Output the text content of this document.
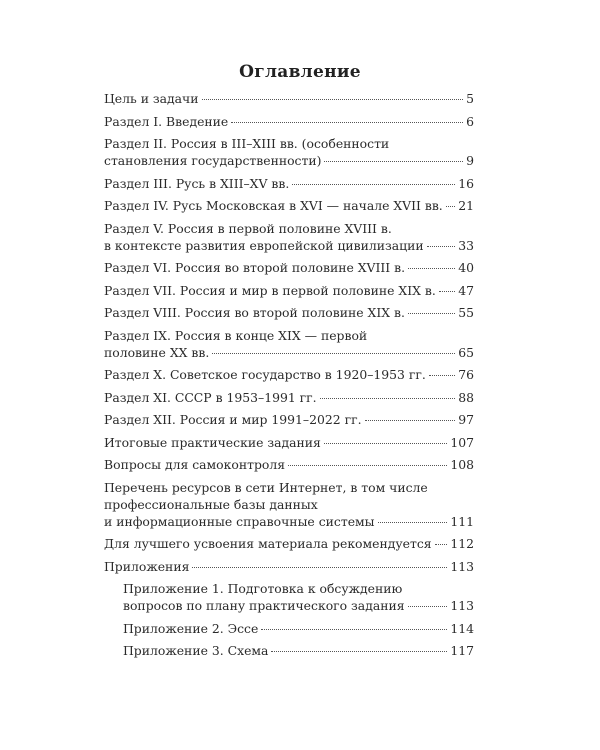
Оглавление
Цель и задачи	5
Раздел I. Введение	6
Раздел II. Россия в III–XIII вв. (особенности
становления государственности)	9
Раздел III. Русь в XIII–XV вв.	16
Раздел IV. Русь Московская в XVI — начале XVII вв. 21
Раздел V. Россия в первой половине XVIII в.
в контексте развития европейской цивилизации	33
Раздел VI. Россия во второй половине XVIII в.	40
Раздел VII. Россия и мир в первой половине XIX в. 47
Раздел VIII. Россия во второй половине XIX в.	55
Раздел IX. Россия в конце XIX — первой
половине XX вв.	65
Раздел X. Советское государство в 1920–1953 гг.	76
Раздел XI. СССР в 1953–1991 гг.	88
Раздел XII. Россия и мир 1991–2022 гг.	97
Итоговые практические задания	107
Вопросы для самоконтроля	108
Перечень ресурсов в сети Интернет, в том числе
профессиональные базы данных
и информационные справочные системы	111
Для лучшего усвоения материала рекомендуется 112
Приложения	113
Приложение 1. Подготовка к обсуждению
вопросов по плану практического задания	113
Приложение 2. Эссе	114
Приложение 3. Схема	117
